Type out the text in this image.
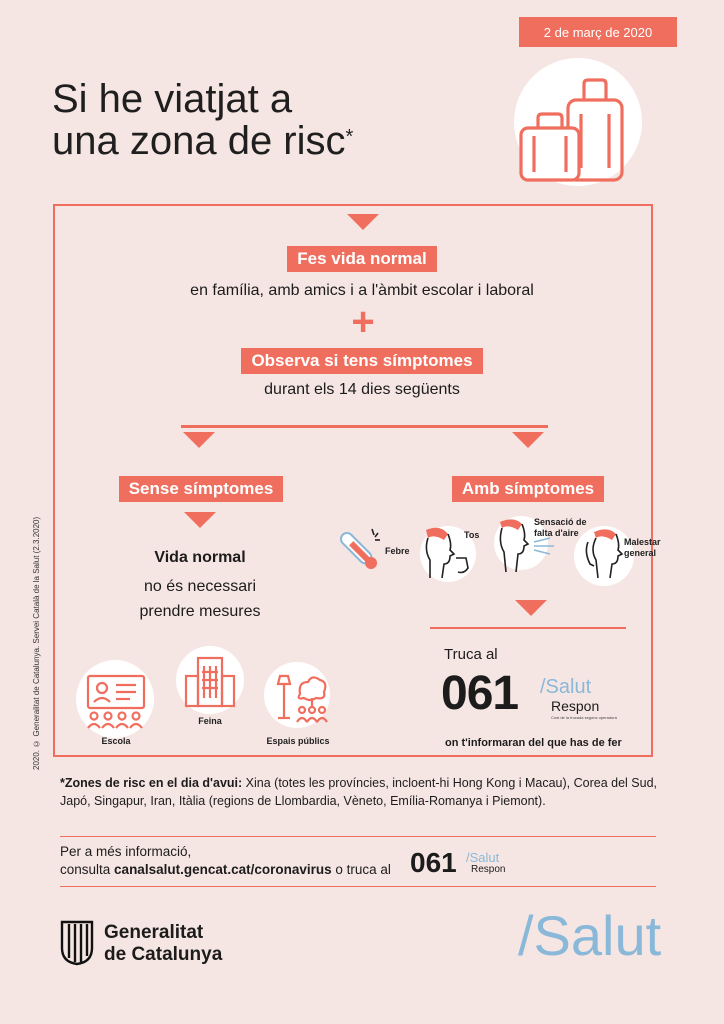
2 de març de 2020
Si he viatjat a
una zona de risc*
2020. © Generalitat de Catalunya. Servei Català de la Salut (2.3.2020)
Fes vida normal
en família, amb amics i a l'àmbit escolar i laboral
+
Observa si tens símptomes
durant els 14 dies següents
Sense símptomes
Vida normal
no és necessari
prendre mesures
Escola
Feina
Espais públics
Amb símptomes
Febre
Tos
Sensació de
falta d'aire
Malestar
general
Truca al
061 /Salut
Respon
Cost de la trucada segons operadora
on t'informaran del que has de fer
*Zones de risc en el dia d'avui: Xina (totes les províncies, incloent-hi Hong Kong i Macau), Corea del Sud, Japó, Singapur, Iran, Itàlia (regions de Llombardia, Vèneto, Emília-Romanya i Piemont).
Per a més informació,
consulta canalsalut.gencat.cat/coronavirus o truca al 061 /Salut
Respon
Generalitat
de Catalunya	/Salut
